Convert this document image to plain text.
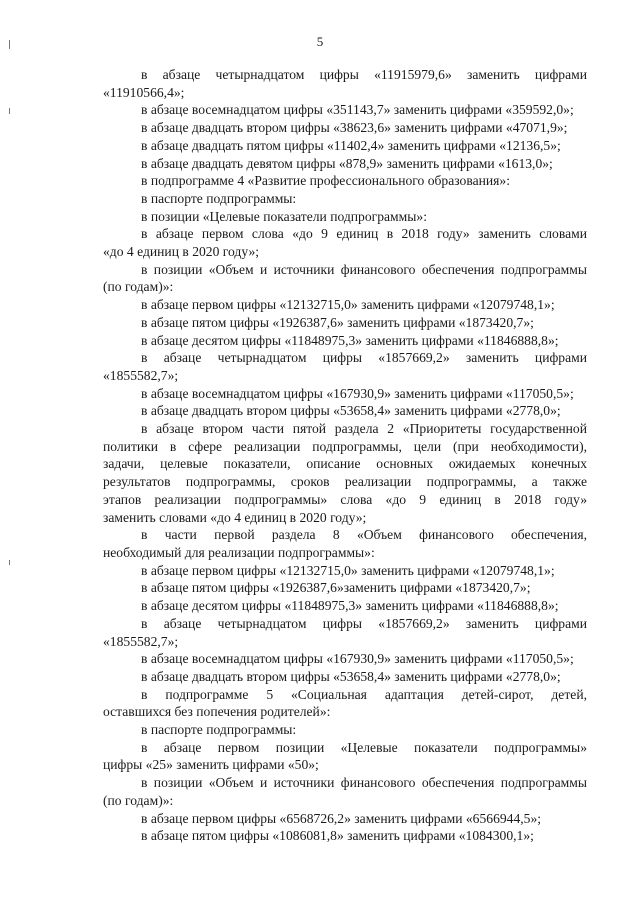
5
в абзаце четырнадцатом цифры «11915979,6» заменить цифрами
«11910566,4»;
в абзаце восемнадцатом цифры «351143,7» заменить цифрами «359592,0»;
в абзаце двадцать втором цифры «38623,6» заменить цифрами «47071,9»;
в абзаце двадцать пятом цифры «11402,4» заменить цифрами «12136,5»;
в абзаце двадцать девятом цифры «878,9» заменить цифрами «1613,0»;
в подпрограмме 4 «Развитие профессионального образования»:
в паспорте подпрограммы:
в позиции «Целевые показатели подпрограммы»:
в абзаце первом слова «до 9 единиц в 2018 году» заменить словами
«до 4 единиц в 2020 году»;
в позиции «Объем и источники финансового обеспечения подпрограммы
(по годам)»:
в абзаце первом цифры «12132715,0» заменить цифрами «12079748,1»;
в абзаце пятом цифры «1926387,6» заменить цифрами «1873420,7»;
в абзаце десятом цифры «11848975,3» заменить цифрами «11846888,8»;
в абзаце четырнадцатом цифры «1857669,2» заменить цифрами
«1855582,7»;
в абзаце восемнадцатом цифры «167930,9» заменить цифрами «117050,5»;
в абзаце двадцать втором цифры «53658,4» заменить цифрами «2778,0»;
в абзаце втором части пятой раздела 2 «Приоритеты государственной
политики в сфере реализации подпрограммы, цели (при необходимости),
задачи, целевые показатели, описание основных ожидаемых конечных
результатов подпрограммы, сроков реализации подпрограммы, а также
этапов реализации подпрограммы» слова «до 9 единиц в 2018 году»
заменить словами «до 4 единиц в 2020 году»;
в части первой раздела 8 «Объем финансового обеспечения,
необходимый для реализации подпрограммы»:
в абзаце первом цифры «12132715,0» заменить цифрами «12079748,1»;
в абзаце пятом цифры «1926387,6»заменить цифрами «1873420,7»;
в абзаце десятом цифры «11848975,3» заменить цифрами «11846888,8»;
в абзаце четырнадцатом цифры «1857669,2» заменить цифрами
«1855582,7»;
в абзаце восемнадцатом цифры «167930,9» заменить цифрами «117050,5»;
в абзаце двадцать втором цифры «53658,4» заменить цифрами «2778,0»;
в подпрограмме 5 «Социальная адаптация детей-сирот, детей,
оставшихся без попечения родителей»:
в паспорте подпрограммы:
в абзаце первом позиции «Целевые показатели подпрограммы»
цифры «25» заменить цифрами «50»;
в позиции «Объем и источники финансового обеспечения подпрограммы
(по годам)»:
в абзаце первом цифры «6568726,2» заменить цифрами «6566944,5»;
в абзаце пятом цифры «1086081,8» заменить цифрами «1084300,1»;
